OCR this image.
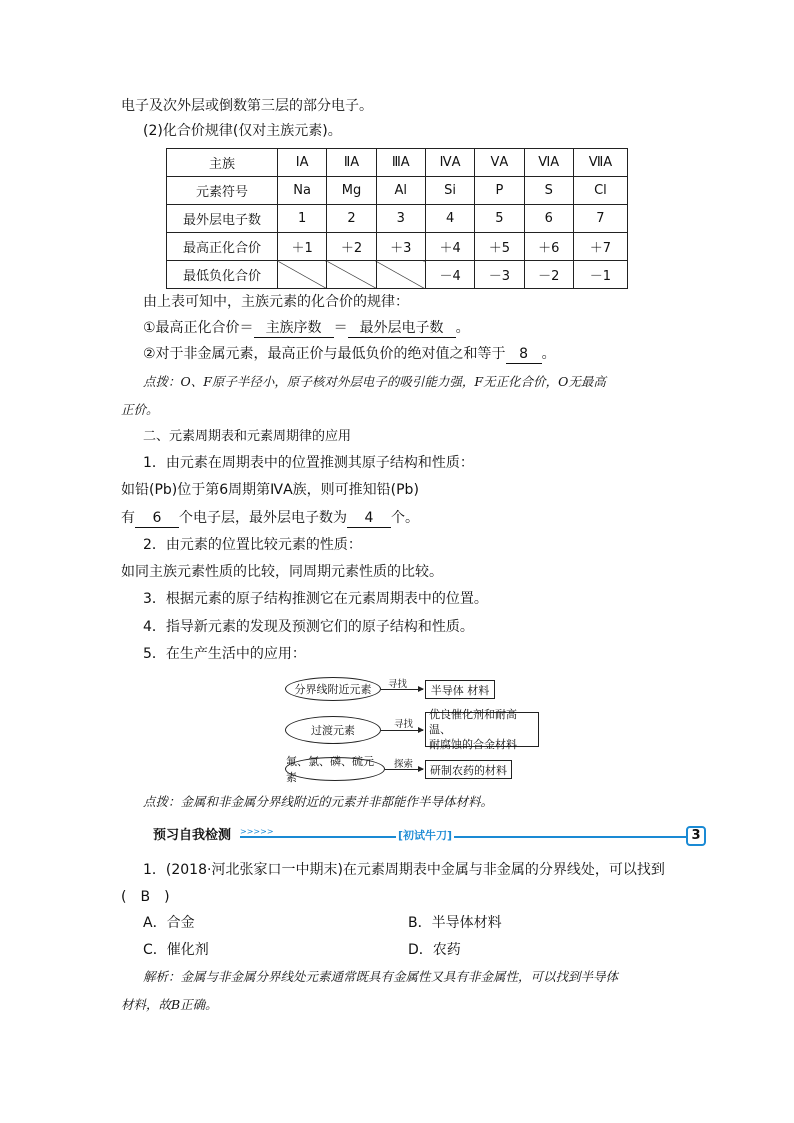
电子及次外层或倒数第三层的部分电子。
(2)化合价规律(仅对主族元素)。
主族	ⅠA	ⅡA	ⅢA	ⅣA	ⅤA	ⅥA	ⅦA
元素符号	Na	Mg	Al	Si	P	S	Cl
最外层电子数	1	2	3	4	5	6	7
最高正化合价	＋1	＋2	＋3	＋4	＋5	＋6	＋7
最低负化合价				－4	－3	－2	－1
由上表可知中，主族元素的化合价的规律：
①最高正化合价＝ 主族序数 ＝ 最外层电子数 。
②对于非金属元素，最高正价与最低负价的绝对值之和等于 8 。
点拨：O、F原子半径小，原子核对外层电子的吸引能力强，F无正化合价，O无最高
正价。
二、元素周期表和元素周期律的应用
1．由元素在周期表中的位置推测其原子结构和性质：
如铅(Pb)位于第6周期第ⅣA族，则可推知铅(Pb)
有 6 个电子层，最外层电子数为 4 个。
2．由元素的位置比较元素的性质：
如同主族元素性质的比较，同周期元素性质的比较。
3．根据元素的原子结构推测它在元素周期表中的位置。
4．指导新元素的发现及预测它们的原子结构和性质。
5．在生产生活中的应用：
分界线附近元素
过渡元素
氟、氯、磷、硫元素
寻找
寻找
探索
半导体 材料
优良催化剂和耐高温、
耐腐蚀的合金材料
研制农药的材料
点拨：金属和非金属分界线附近的元素并非都能作半导体材料。
预习自我检测 >>>>>	[初试牛刀]	3
1．(2018·河北张家口一中期末)在元素周期表中金属与非金属的分界线处，可以找到
(　B　)
A．合金	B．半导体材料
C．催化剂	D．农药
解析：金属与非金属分界线处元素通常既具有金属性又具有非金属性，可以找到半导体
材料，故B正确。
